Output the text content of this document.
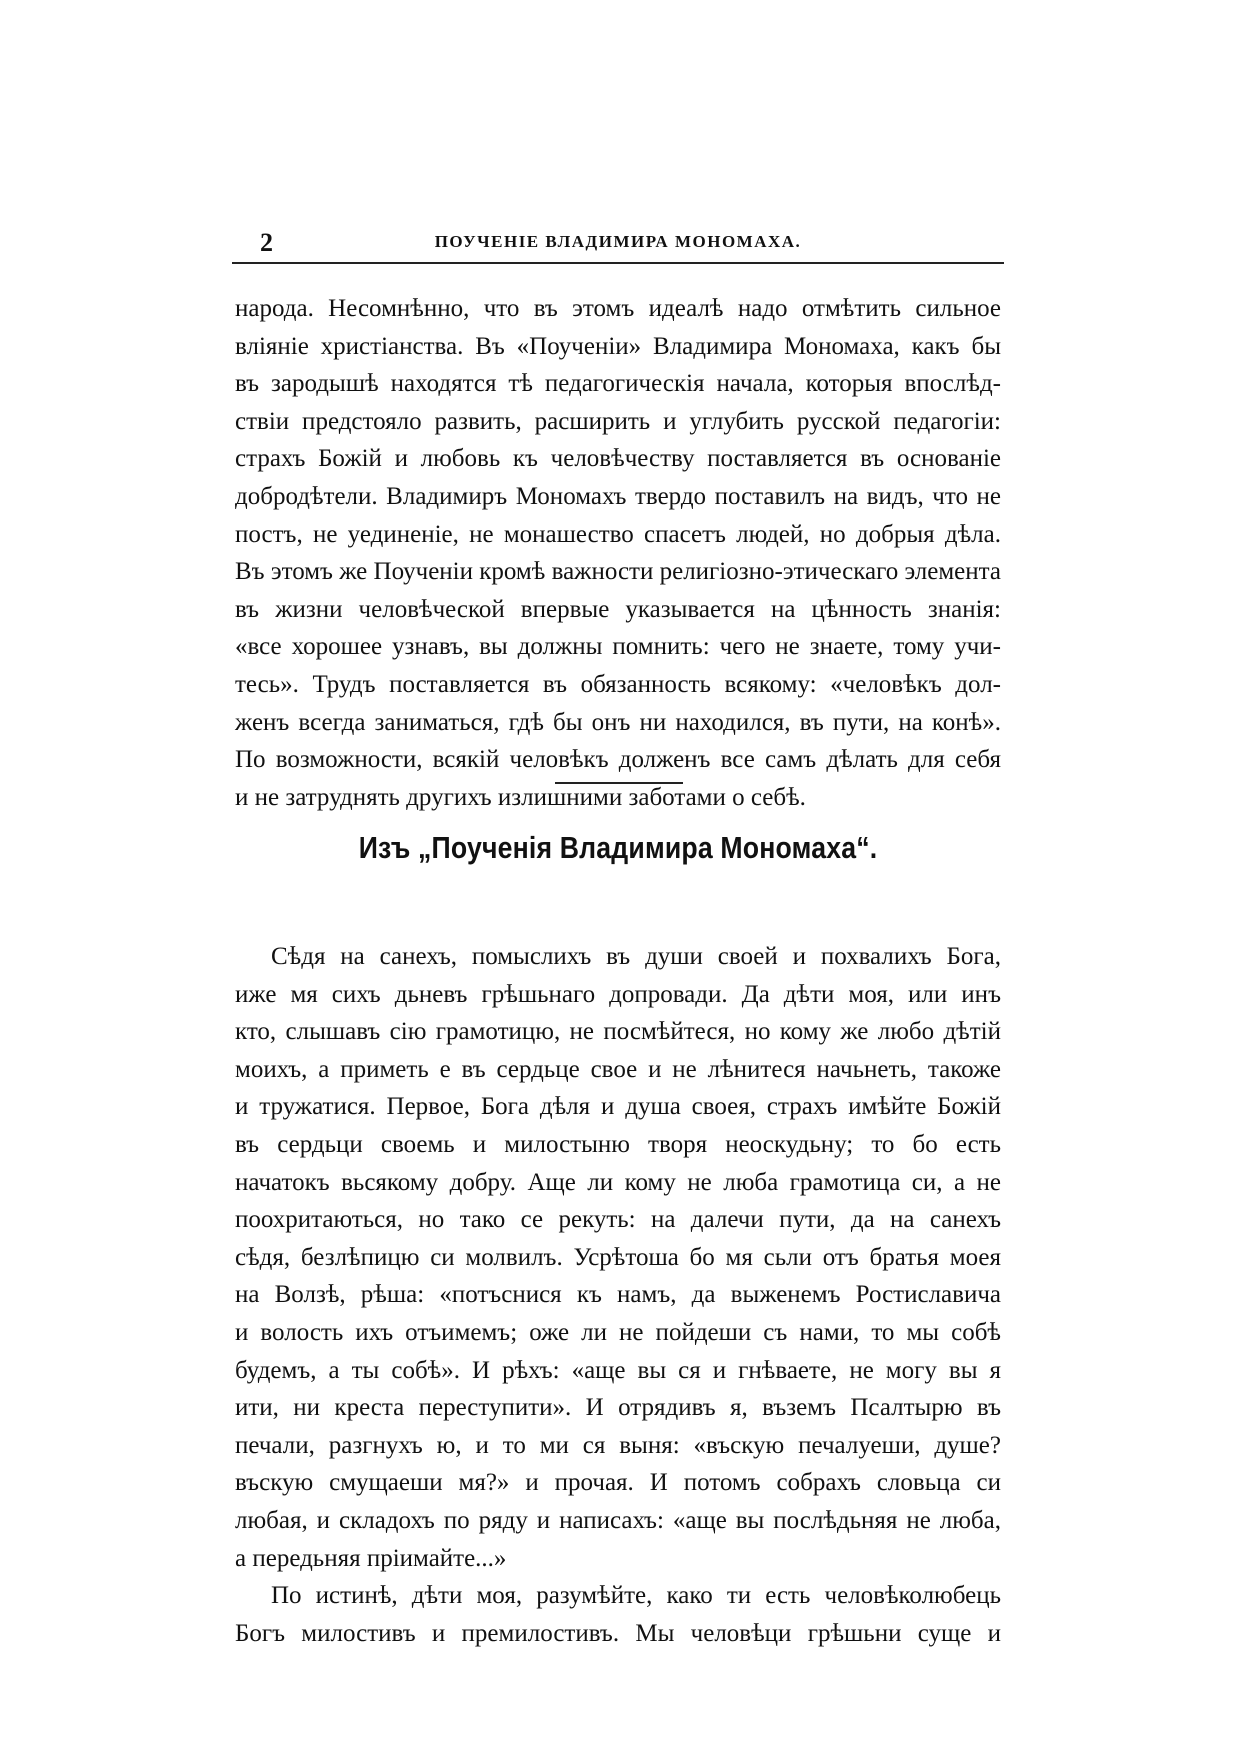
2	ПОУЧЕНІЕ ВЛАДИМИРА МОНОМАХА.
народа. Несомнѣнно, что въ этомъ идеалѣ надо отмѣтить сильное
вліяніе христіанства. Въ «Поученіи» Владимира Мономаха, какъ бы
въ зародышѣ находятся тѣ педагогическія начала, которыя впослѣд-
ствіи предстояло развить, расширить и углубить русской педагогіи:
страхъ Божій и любовь къ человѣчеству поставляется въ основаніе
добродѣтели. Владимиръ Мономахъ твердо поставилъ на видъ, что не
постъ, не уединеніе, не монашество спасетъ людей, но добрыя дѣла.
Въ этомъ же Поученіи кромѣ важности религіозно-этическаго элемента
въ жизни человѣческой впервые указывается на цѣнность знанія:
«все хорошее узнавъ, вы должны помнить: чего не знаете, тому учи-
тесь». Трудъ поставляется въ обязанность всякому: «человѣкъ дол-
женъ всегда заниматься, гдѣ бы онъ ни находился, въ пути, на конѣ».
По возможности, всякій человѣкъ долженъ все самъ дѣлать для себя
и не затруднять другихъ излишними заботами о себѣ.
Изъ „Поученія Владимира Мономаха“.
Сѣдя на санехъ, помыслихъ въ души своей и похвалихъ Бога,
иже мя сихъ дьневъ грѣшьнаго допровади. Да дѣти моя, или инъ
кто, слышавъ сію грамотицю, не посмѣйтеся, но кому же любо дѣтій
моихъ, а приметь е въ сердьце свое и не лѣнитеся начьнеть, такоже
и тружатися. Первое, Бога дѣля и душа своея, страхъ имѣйте Божій
въ сердьци своемь и милостыню творя неоскудьну; то бо есть
начатокъ вьсякому добру. Аще ли кому не люба грамотица си, а не
поохритаються, но тако се рекуть: на далечи пути, да на санехъ
сѣдя, безлѣпицю си молвилъ. Усрѣтоша бо мя сьли отъ братья моея
на Волзѣ, рѣша: «потъснися къ намъ, да выженемъ Ростиславича
и волость ихъ отъимемъ; оже ли не пойдеши съ нами, то мы собѣ
будемъ, а ты собѣ». И рѣхъ: «аще вы ся и гнѣваете, не могу вы я
ити, ни креста переступити». И отрядивъ я, въземъ Псалтырю въ
печали, разгнухъ ю, и то ми ся выня: «въскую печалуеши, душе?
въскую смущаеши мя?» и прочая. И потомъ собрахъ словьца си
любая, и складохъ по ряду и написахъ: «аще вы послѣдьняя не люба,
а передьняя пріимайте...»
По истинѣ, дѣти моя, разумѣйте, како ти есть человѣколюбець
Богъ милостивъ и премилостивъ. Мы человѣци грѣшьни суще и
